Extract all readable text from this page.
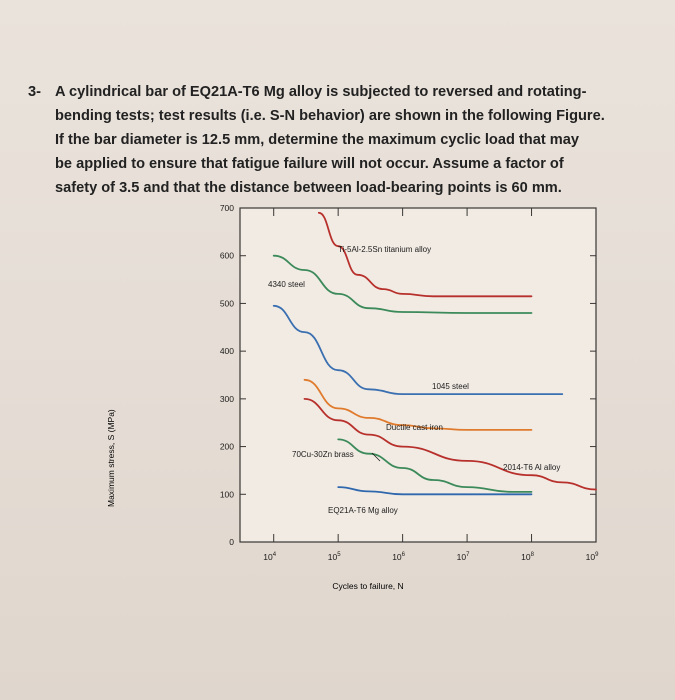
3- A cylindrical bar of EQ21A-T6 Mg alloy is subjected to reversed and rotating-
bending tests; test results (i.e. S-N behavior) are shown in the following Figure.
If the bar diameter is 12.5 mm, determine the maximum cyclic load that may
be applied to ensure that fatigue failure will not occur. Assume a factor of
safety of 3.5 and that the distance between load-bearing points is 60 mm.
Maximum stress, S (MPa)
Cycles to failure, N
Ti-5Al-2.5Sn titanium alloy
4340 steel
1045 steel
Ductile cast iron
2014-T6 Al alloy
70Cu-30Zn brass
EQ21A-T6 Mg alloy
0
100
200
300
400
500
600
700
$10^4$	$10^5$	$10^6$	$10^7$	$10^8$	$10^9$
